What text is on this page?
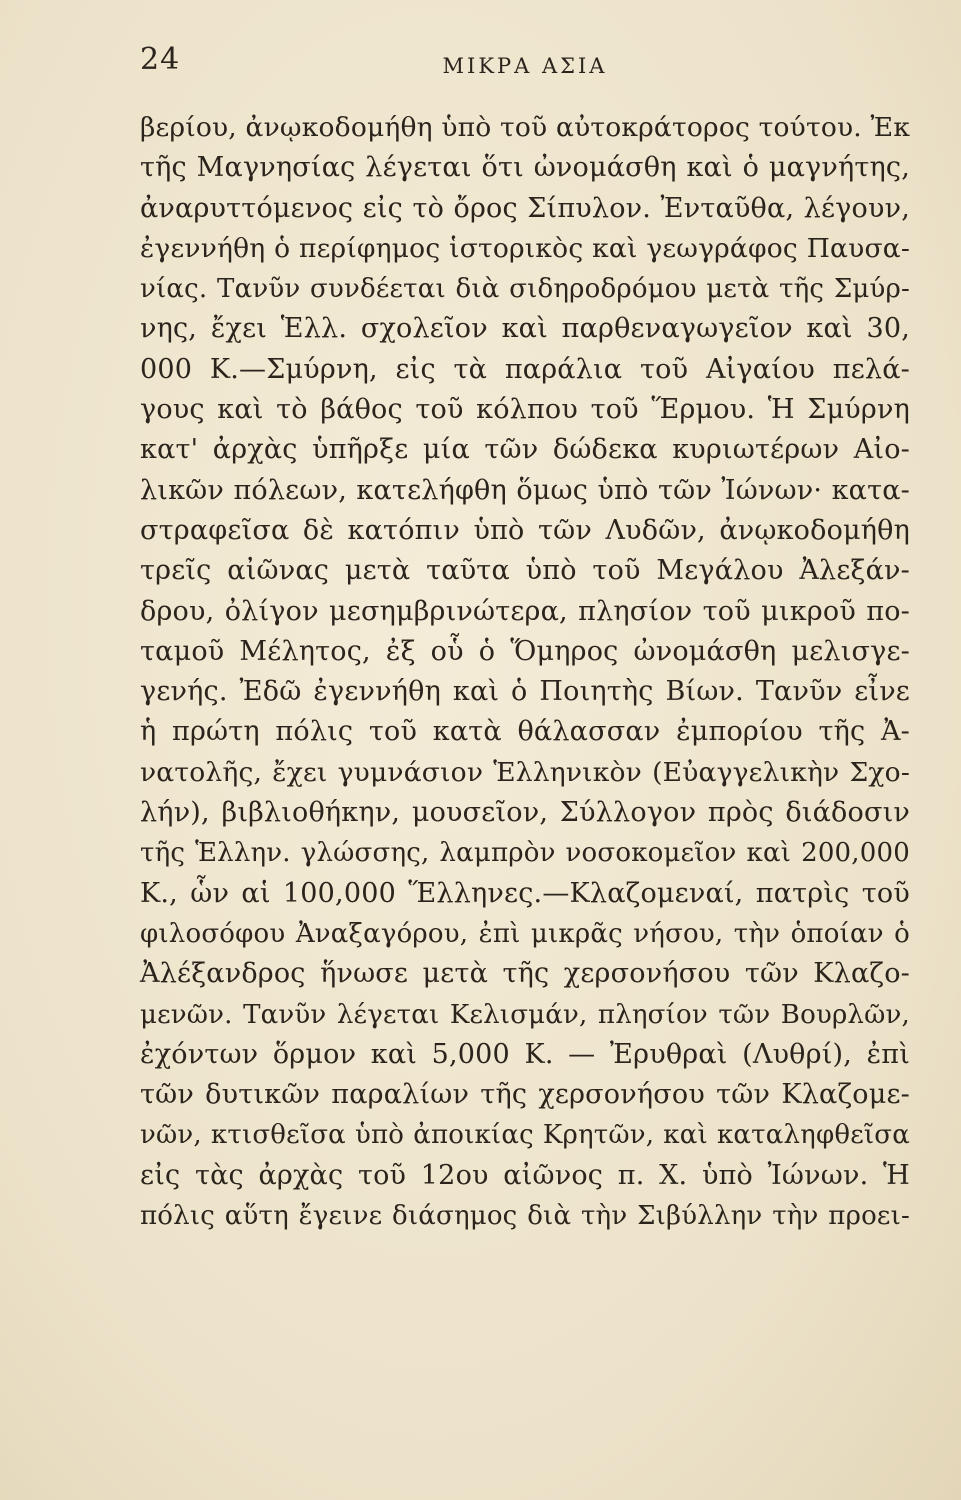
24	ΜΙΚΡΑ ΑΣΙΑ
βερίου, ἀνῳκοδομήθη ὑπὸ τοῦ αὐτοκράτορος τούτου. Ἐκ
τῆς Μαγνησίας λέγεται ὅτι ὠνομάσθη καὶ ὁ μαγνήτης,
ἀναρυττόμενος εἰς τὸ ὄρος Σίπυλον. Ἐνταῦθα, λέγουν,
ἐγεννήθη ὁ περίφημος ἱστορικὸς καὶ γεωγράφος Παυσα-
νίας. Τανῦν συνδέεται διὰ σιδηροδρόμου μετὰ τῆς Σμύρ-
νης, ἔχει Ἑλλ. σχολεῖον καὶ παρθεναγωγεῖον καὶ 30,
000 Κ.—Σμύρνη, εἰς τὰ παράλια τοῦ Αἰγαίου πελά-
γους καὶ τὸ βάθος τοῦ κόλπου τοῦ Ἕρμου. Ἡ Σμύρνη
κατ' ἀρχὰς ὑπῆρξε μία τῶν δώδεκα κυριωτέρων Αἰο-
λικῶν πόλεων, κατελήφθη ὅμως ὑπὸ τῶν Ἰώνων· κατα-
στραφεῖσα δὲ κατόπιν ὑπὸ τῶν Λυδῶν, ἀνῳκοδομήθη
τρεῖς αἰῶνας μετὰ ταῦτα ὑπὸ τοῦ Μεγάλου Ἀλεξάν-
δρου, ὀλίγον μεσημβρινώτερα, πλησίον τοῦ μικροῦ πο-
ταμοῦ Μέλητος, ἐξ οὗ ὁ Ὅμηρος ὠνομάσθη μελισγε-
γενής. Ἐδῶ ἐγεννήθη καὶ ὁ Ποιητὴς Βίων. Τανῦν εἶνε
ἡ πρώτη πόλις τοῦ κατὰ θάλασσαν ἐμπορίου τῆς Ἀ-
νατολῆς, ἔχει γυμνάσιον Ἑλληνικὸν (Εὐαγγελικὴν Σχο-
λήν), βιβλιοθήκην, μουσεῖον, Σύλλογον πρὸς διάδοσιν
τῆς Ἑλλην. γλώσσης, λαμπρὸν νοσοκομεῖον καὶ 200,000
Κ., ὧν αἱ 100,000 Ἕλληνες.—Κλαζομεναί, πατρὶς τοῦ
φιλοσόφου Ἀναξαγόρου, ἐπὶ μικρᾶς νήσου, τὴν ὁποίαν ὁ
Ἀλέξανδρος ἥνωσε μετὰ τῆς χερσονήσου τῶν Κλαζο-
μενῶν. Τανῦν λέγεται Κελισμάν, πλησίον τῶν Βουρλῶν,
ἐχόντων ὅρμον καὶ 5,000 Κ. — Ἐρυθραὶ (Λυθρί), ἐπὶ
τῶν δυτικῶν παραλίων τῆς χερσονήσου τῶν Κλαζομε-
νῶν, κτισθεῖσα ὑπὸ ἀποικίας Κρητῶν, καὶ καταληφθεῖσα
εἰς τὰς ἀρχὰς τοῦ 12ου αἰῶνος π. Χ. ὑπὸ Ἰώνων. Ἡ
πόλις αὕτη ἔγεινε διάσημος διὰ τὴν Σιβύλλην τὴν προει-
